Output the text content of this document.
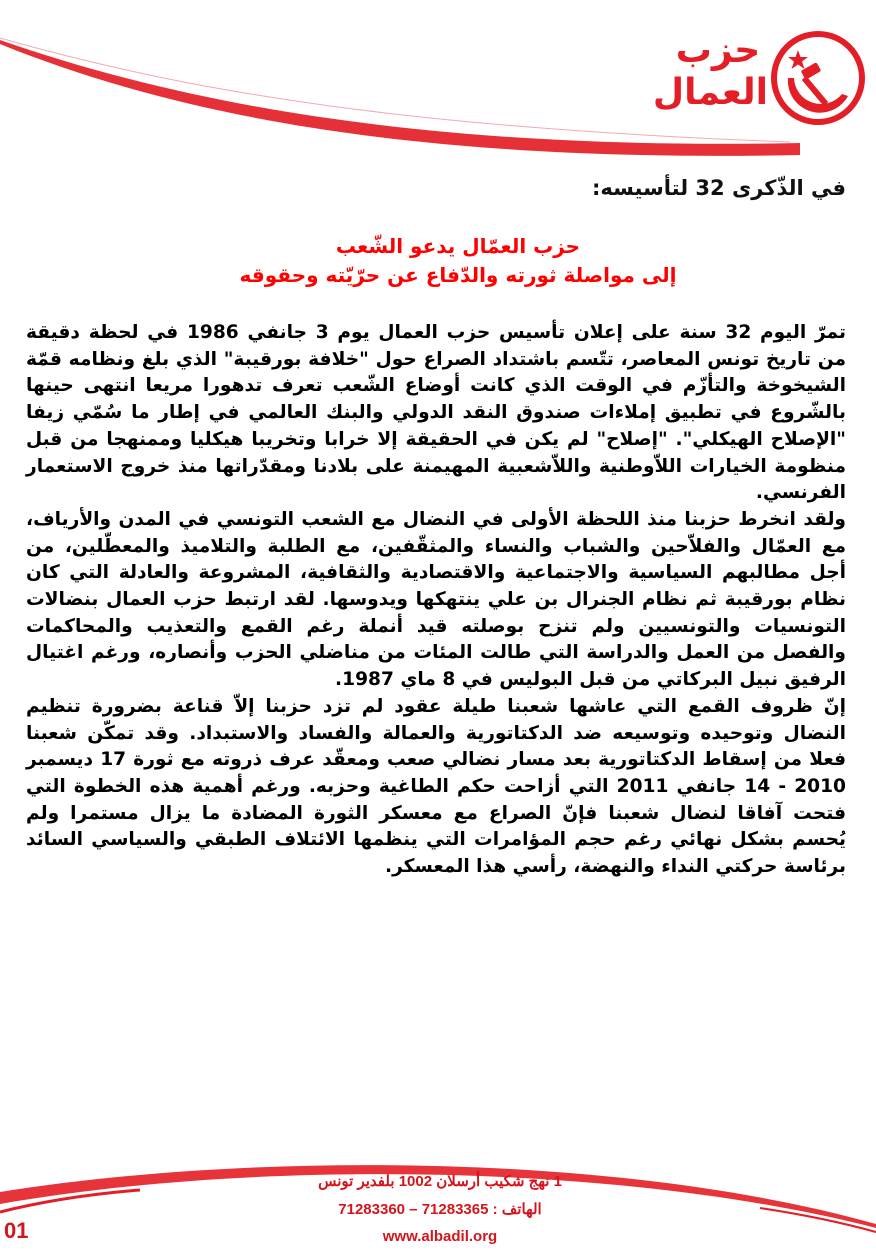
حزب
العمال
في الذّكرى 32 لتأسيسه:
حزب العمّال يدعو الشّعب
إلى مواصلة ثورته والدّفاع عن حرّيّته وحقوقه

تمرّ اليوم 32 سنة على إعلان تأسيس حزب العمال يوم 3 جانفي 1986 في لحظة دقيقة من تاريخ تونس المعاصر، تتّسم باشتداد الصراع حول "خلافة بورقيبة" الذي بلغ ونظامه قمّة الشيخوخة والتأزّم في الوقت الذي كانت أوضاع الشّعب تعرف تدهورا مريعا انتهى حينها بالشّروع في تطبيق إملاءات صندوق النقد الدولي والبنك العالمي في إطار ما سُمّي زيفا "الإصلاح الهيكلي". "إصلاح" لم يكن في الحقيقة إلا خرابا وتخريبا هيكليا وممنهجا من قبل منظومة الخيارات اللاّوطنية واللاّشعبية المهيمنة على بلادنا ومقدّراتها منذ خروج الاستعمار الفرنسي.

ولقد انخرط حزبنا منذ اللحظة الأولى في النضال مع الشعب التونسي في المدن والأرياف، مع العمّال والفلاّحين والشباب والنساء والمثقّفين، مع الطلبة والتلاميذ والمعطّلين، من أجل مطالبهم السياسية والاجتماعية والاقتصادية والثقافية، المشروعة والعادلة التي كان نظام بورقيبة ثم نظام الجنرال بن علي ينتهكها ويدوسها. لقد ارتبط حزب العمال بنضالات التونسيات والتونسيين ولم تنزح بوصلته قيد أنملة رغم القمع والتعذيب والمحاكمات والفصل من العمل والدراسة التي طالت المئات من مناضلي الحزب وأنصاره، ورغم اغتيال الرفيق نبيل البركاتي من قبل البوليس في 8 ماي 1987.

إنّ ظروف القمع التي عاشها شعبنا طيلة عقود لم تزد حزبنا إلاّ قناعة بضرورة تنظيم النضال وتوحيده وتوسيعه ضد الدكتاتورية والعمالة والفساد والاستبداد. وقد تمكّن شعبنا فعلا من إسقاط الدكتاتورية بعد مسار نضالي صعب ومعقّد عرف ذروته مع ثورة 17 ديسمبر 2010 - 14 جانفي 2011 التي أزاحت حكم الطاغية وحزبه. ورغم أهمية هذه الخطوة التي فتحت آفاقا لنضال شعبنا فإنّ الصراع مع معسكر الثورة المضادة ما يزال مستمرا ولم يُحسم بشكل نهائي رغم حجم المؤامرات التي ينظمها الائتلاف الطبقي والسياسي السائد برئاسة حركتي النداء والنهضة، رأسي هذا المعسكر.

1 نهج شكيب أرسلان 1002 بلفدير تونس
الهاتف : 71283365 – 71283360
www.albadil.org
01
